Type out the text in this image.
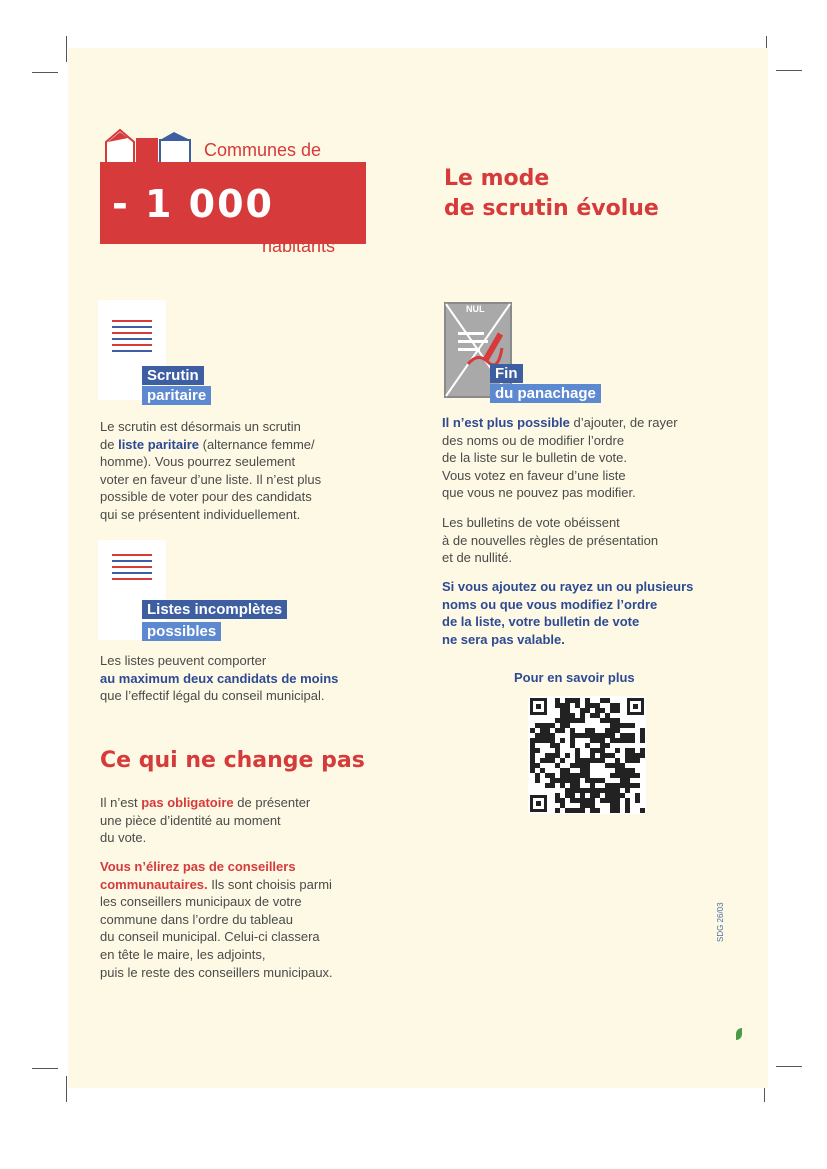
Communes de
- 1 000
habitants
Le mode
de scrutin évolue
Scrutin
paritaire
Le scrutin est désormais un scrutin
de liste paritaire (alternance femme/
homme). Vous pourrez seulement
voter en faveur d’une liste. Il n’est plus
possible de voter pour des candidats
qui se présentent individuellement.
Listes incomplètes
possibles
Les listes peuvent comporter
au maximum deux candidats de moins
que l’effectif légal du conseil municipal.
Ce qui ne change pas
Il n’est pas obligatoire de présenter
une pièce d’identité au moment
du vote.
Vous n’élirez pas de conseillers
communautaires. Ils sont choisis parmi
les conseillers municipaux de votre
commune dans l’ordre du tableau
du conseil municipal. Celui-ci classera
en tête le maire, les adjoints,
puis le reste des conseillers municipaux.
NUL
Fin
du panachage
Il n’est plus possible d’ajouter, de rayer
des noms ou de modifier l’ordre
de la liste sur le bulletin de vote.
Vous votez en faveur d’une liste
que vous ne pouvez pas modifier.
Les bulletins de vote obéissent
à de nouvelles règles de présentation
et de nullité.
Si vous ajoutez ou rayez un ou plusieurs
noms ou que vous modifiez l’ordre
de la liste, votre bulletin de vote
ne sera pas valable.
Pour en savoir plus
SDG 26/03
